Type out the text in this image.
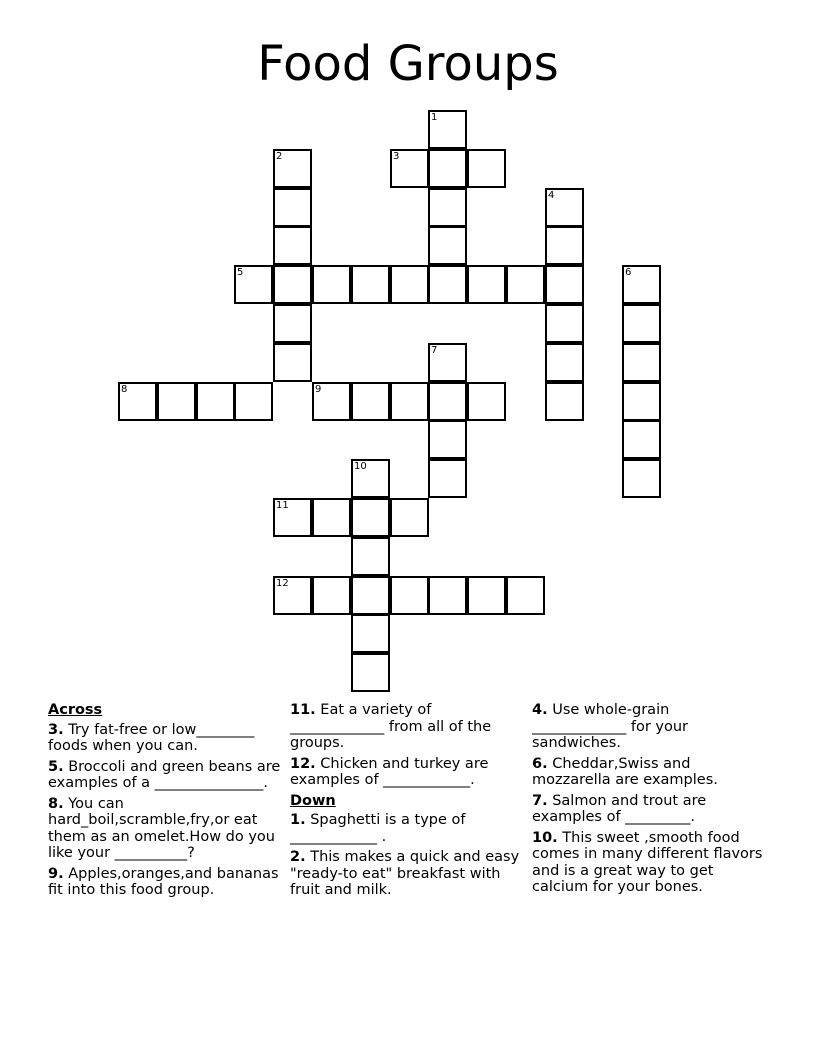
Food Groups
1
2	3
4
5	6
7
8	9
10
11
12
Across
3. Try fat-free or low________ foods when you can.
5. Broccoli and green beans are examples of a _______________.
8. You can hard_boil,scramble,fry,or eat them as an omelet.How do you like your __________?
9. Apples,oranges,and bananas fit into this food group.
11. Eat a variety of _____________ from all of the groups.
12. Chicken and turkey are examples of ____________.
Down
1. Spaghetti is a type of ____________ .
2. This makes a quick and easy "ready-to eat" breakfast with fruit and milk.
4. Use whole-grain _____________ for your sandwiches.
6. Cheddar,Swiss and mozzarella are examples.
7. Salmon and trout are examples of _________.
10. This sweet ,smooth food comes in many different flavors and is a great way to get calcium for your bones.
